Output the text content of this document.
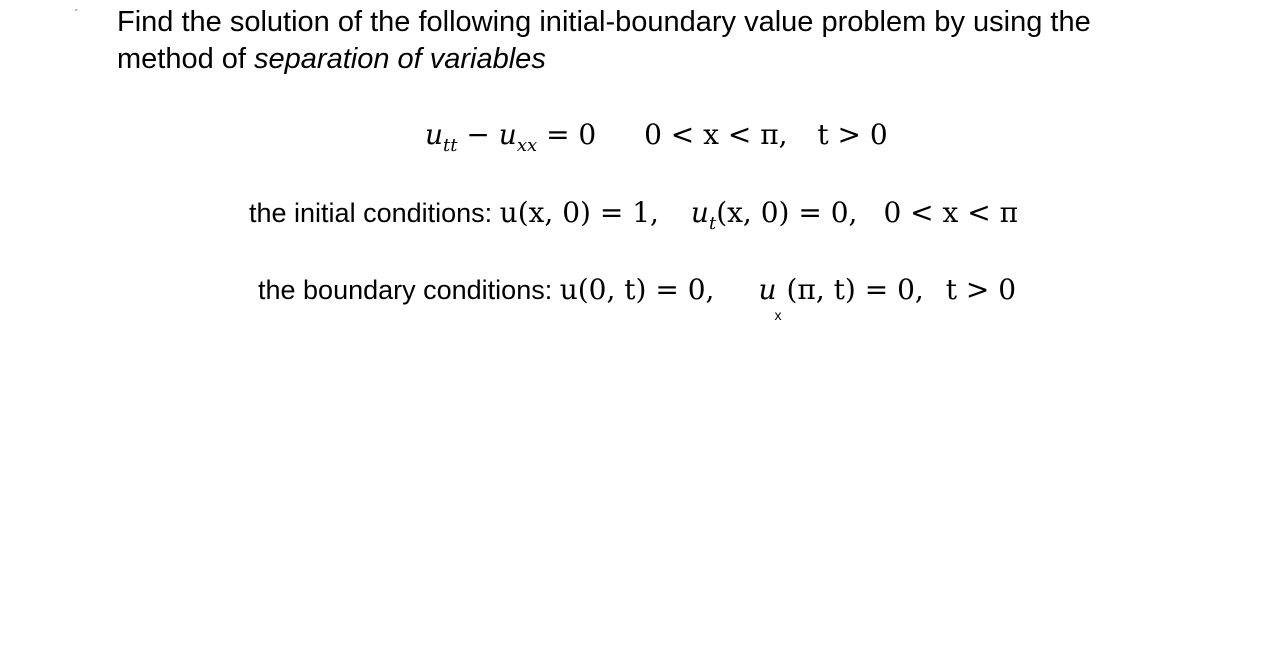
´ Find the solution of the following initial-boundary value problem by using the
method of separation of variables
$u_{tt} - u_{xx} = 0$ 0 < x < π, t > 0
the initial conditions: u(x, 0) = 1, $u_t(x$, 0) = 0, 0 < x < π
the boundary conditions: u(0, t) = 0, u
x
(π, t) = 0, t > 0
